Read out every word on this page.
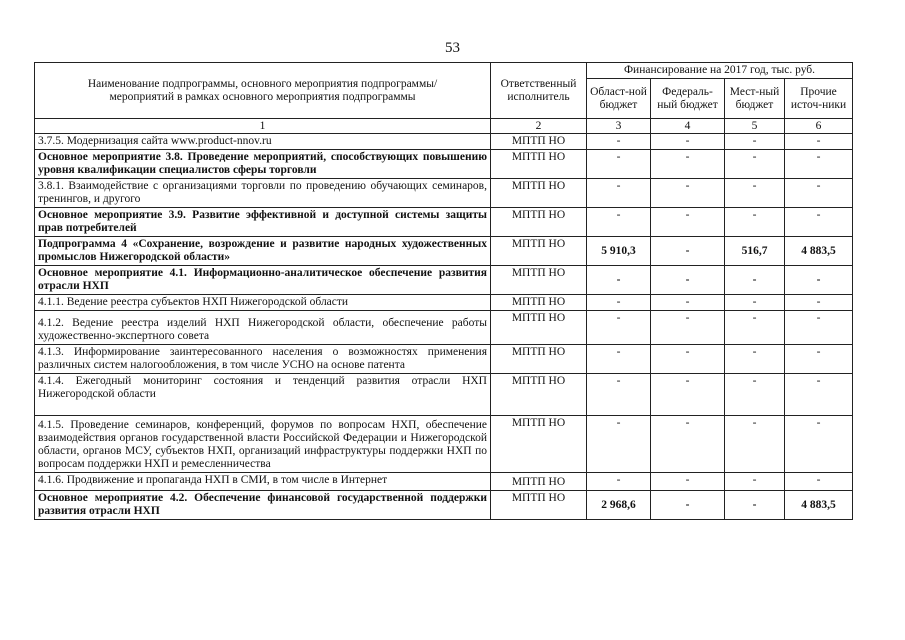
53
Наименование подпрограммы, основного мероприятия подпрограммы/мероприятий в рамках основного мероприятия подпрограммы	Ответственный исполнитель	Финансирование на 2017 год, тыс. руб.			
		Област-ной бюджет	Федераль-ный бюджет	Мест-ный бюджет	Прочие источ-ники
1	2	3	4	5	6
3.7.5. Модернизация сайта www.product-nnov.ru	МПТП НО	-	-	-	-
Основное мероприятие 3.8. Проведение мероприятий, способствующих повышению уровня квалификации специалистов сферы торговли	МПТП НО	-	-	-	-
3.8.1. Взаимодействие с организациями торговли по проведению обучающих семинаров, тренингов, и другого	МПТП НО	-	-	-	-
Основное мероприятие 3.9. Развитие эффективной и доступной системы защиты прав потребителей	МПТП НО	-	-	-	-
Подпрограмма 4 «Сохранение, возрождение и развитие народных художественных промыслов Нижегородской области»	МПТП НО	5 910,3	-	516,7	4 883,5
Основное мероприятие 4.1. Информационно-аналитическое обеспечение развития отрасли НХП	МПТП НО	-	-	-	-
4.1.1. Ведение реестра субъектов НХП Нижегородской области	МПТП НО	-	-	-	-
4.1.2. Ведение реестра изделий НХП Нижегородской области, обеспечение работы художественно-экспертного совета	МПТП НО	-	-	-	-
4.1.3. Информирование заинтересованного населения о возможностях применения различных систем налогообложения, в том числе УСНО на основе патента	МПТП НО	-	-	-	-
4.1.4. Ежегодный мониторинг состояния и тенденций развития отрасли НХП Нижегородской области	МПТП НО	-	-	-	-
4.1.5. Проведение семинаров, конференций, форумов по вопросам НХП, обеспечение взаимодействия органов государственной власти Российской Федерации и Нижегородской области, органов МСУ, субъектов НХП, организаций инфраструктуры поддержки НХП по вопросам поддержки НХП и ремесленничества	МПТП НО	-	-	-	-
4.1.6. Продвижение и пропаганда НХП в СМИ, в том числе в Интернет	МПТП НО	-	-	-	-
Основное мероприятие 4.2. Обеспечение финансовой государственной поддержки развития отрасли НХП	МПТП НО	2 968,6	-	-	4 883,5
